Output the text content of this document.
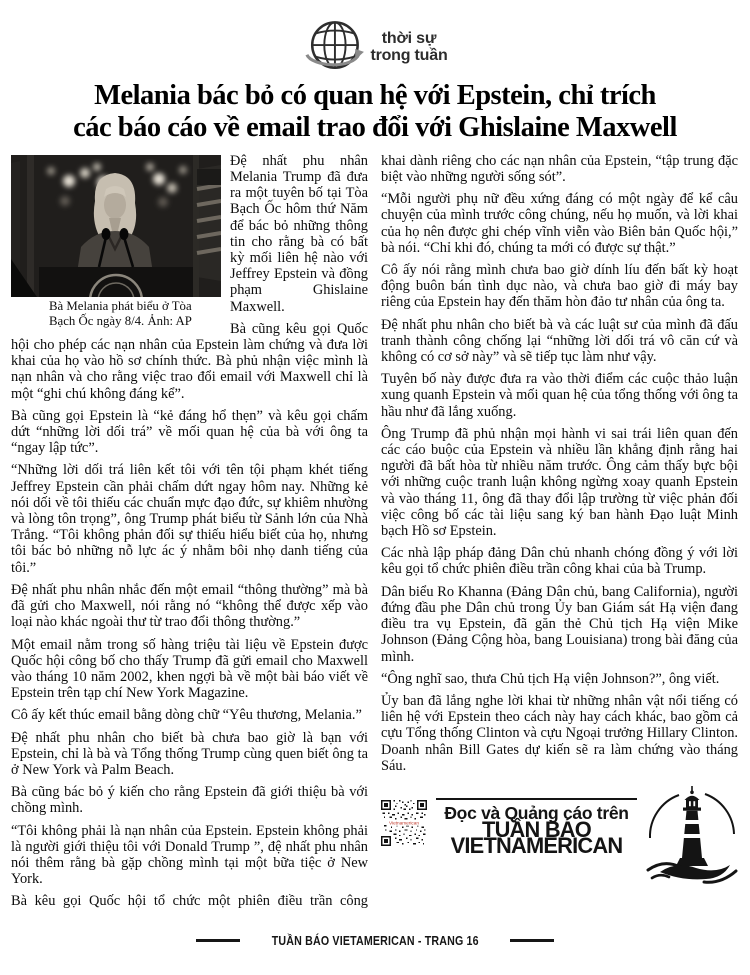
thời sự
trong tuần
Melania bác bỏ có quan hệ với Epstein, chỉ trích
các báo cáo về email trao đổi với Ghislaine Maxwell
Bà Melania phát biểu ở Tòa Bạch Ốc ngày 8/4. Ảnh: AP

Đệ nhất phu nhân Melania Trump đã đưa ra một tuyên bố tại Tòa Bạch Ốc hôm thứ Năm để bác bỏ những thông tin cho rằng bà có bất kỳ mối liên hệ nào với Jeffrey Epstein và đồng phạm Ghislaine Maxwell.

Bà cũng kêu gọi Quốc hội cho phép các nạn nhân của Epstein làm chứng và đưa lời khai của họ vào hồ sơ chính thức. Bà phủ nhận việc mình là nạn nhân và cho rằng việc trao đổi email với Maxwell chỉ là một “ghi chú không đáng kể”.

Bà cũng gọi Epstein là “kẻ đáng hổ thẹn” và kêu gọi chấm dứt “những lời dối trá” về mối quan hệ của bà với ông ta “ngay lập tức”.

“Những lời dối trá liên kết tôi với tên tội phạm khét tiếng Jeffrey Epstein cần phải chấm dứt ngay hôm nay. Những kẻ nói dối về tôi thiếu các chuẩn mực đạo đức, sự khiêm nhường và lòng tôn trọng”, ông Trump phát biểu từ Sảnh lớn của Nhà Trắng. “Tôi không phản đối sự thiếu hiểu biết của họ, nhưng tôi bác bỏ những nỗ lực ác ý nhằm bôi nhọ danh tiếng của tôi.”

Đệ nhất phu nhân nhắc đến một email “thông thường” mà bà đã gửi cho Maxwell, nói rằng nó “không thể được xếp vào loại nào khác ngoài thư từ trao đổi thông thường.”

Một email nằm trong số hàng triệu tài liệu về Epstein được Quốc hội công bố cho thấy Trump đã gửi email cho Maxwell vào tháng 10 năm 2002, khen ngợi bà về một bài báo viết về Epstein trên tạp chí New York Magazine.

Cô ấy kết thúc email bằng dòng chữ “Yêu thương, Melania.”

Đệ nhất phu nhân cho biết bà chưa bao giờ là bạn với Epstein, chỉ là bà và Tổng thống Trump cùng quen biết ông ta ở New York và Palm Beach.

Bà cũng bác bỏ ý kiến cho rằng Epstein đã giới thiệu bà với chồng mình.

“Tôi không phải là nạn nhân của Epstein. Epstein không phải là người giới thiệu tôi với Donald Trump ”, đệ nhất phu nhân nói thêm rằng bà gặp chồng mình tại một bữa tiệc ở New York.

Bà kêu gọi Quốc hội tổ chức một phiên điều trần công

khai dành riêng cho các nạn nhân của Epstein, “tập trung đặc biệt vào những người sống sót”.

“Mỗi người phụ nữ đều xứng đáng có một ngày để kể câu chuyện của mình trước công chúng, nếu họ muốn, và lời khai của họ nên được ghi chép vĩnh viễn vào Biên bản Quốc hội,” bà nói. “Chỉ khi đó, chúng ta mới có được sự thật.”

Cô ấy nói rằng mình chưa bao giờ dính líu đến bất kỳ hoạt động buôn bán tình dục nào, và chưa bao giờ đi máy bay riêng của Epstein hay đến thăm hòn đảo tư nhân của ông ta.

Đệ nhất phu nhân cho biết bà và các luật sư của mình đã đấu tranh thành công chống lại “những lời dối trá vô căn cứ và không có cơ sở này” và sẽ tiếp tục làm như vậy.

Tuyên bố này được đưa ra vào thời điểm các cuộc thảo luận xung quanh Epstein và mối quan hệ của tổng thống với ông ta hầu như đã lắng xuống.

Ông Trump đã phủ nhận mọi hành vi sai trái liên quan đến các cáo buộc của Epstein và nhiều lần khẳng định rằng hai người đã bất hòa từ nhiều năm trước. Ông cảm thấy bực bội với những cuộc tranh luận không ngừng xoay quanh Epstein và vào tháng 11, ông đã thay đổi lập trường từ việc phản đối việc công bố các tài liệu sang ký ban hành Đạo luật Minh bạch Hồ sơ Epstein.

Các nhà lập pháp đảng Dân chủ nhanh chóng đồng ý với lời kêu gọi tổ chức phiên điều trần công khai của bà Trump.

Dân biểu Ro Khanna (Đảng Dân chủ, bang California), người đứng đầu phe Dân chủ trong Ủy ban Giám sát Hạ viện đang điều tra vụ Epstein, đã găn thẻ Chủ tịch Hạ viện Mike Johnson (Đảng Cộng hòa, bang Louisiana) trong bài đăng của mình.

“Ông nghĩ sao, thưa Chủ tịch Hạ viện Johnson?”, ông viết.

Ủy ban đã lắng nghe lời khai từ những nhân vật nổi tiếng có liên hệ với Epstein theo cách này hay cách khác, bao gồm cả cựu Tổng thống Clinton và cựu Ngoại trưởng Hillary Clinton. Doanh nhân Bill Gates dự kiến sẽ ra làm chứng vào tháng Sáu.

Vietnamerican
Đọc và Quảng cáo trên
TUẦN BÁO VIETNAMERICAN
TUẦN BÁO VIETAMERICAN - TRANG 16
